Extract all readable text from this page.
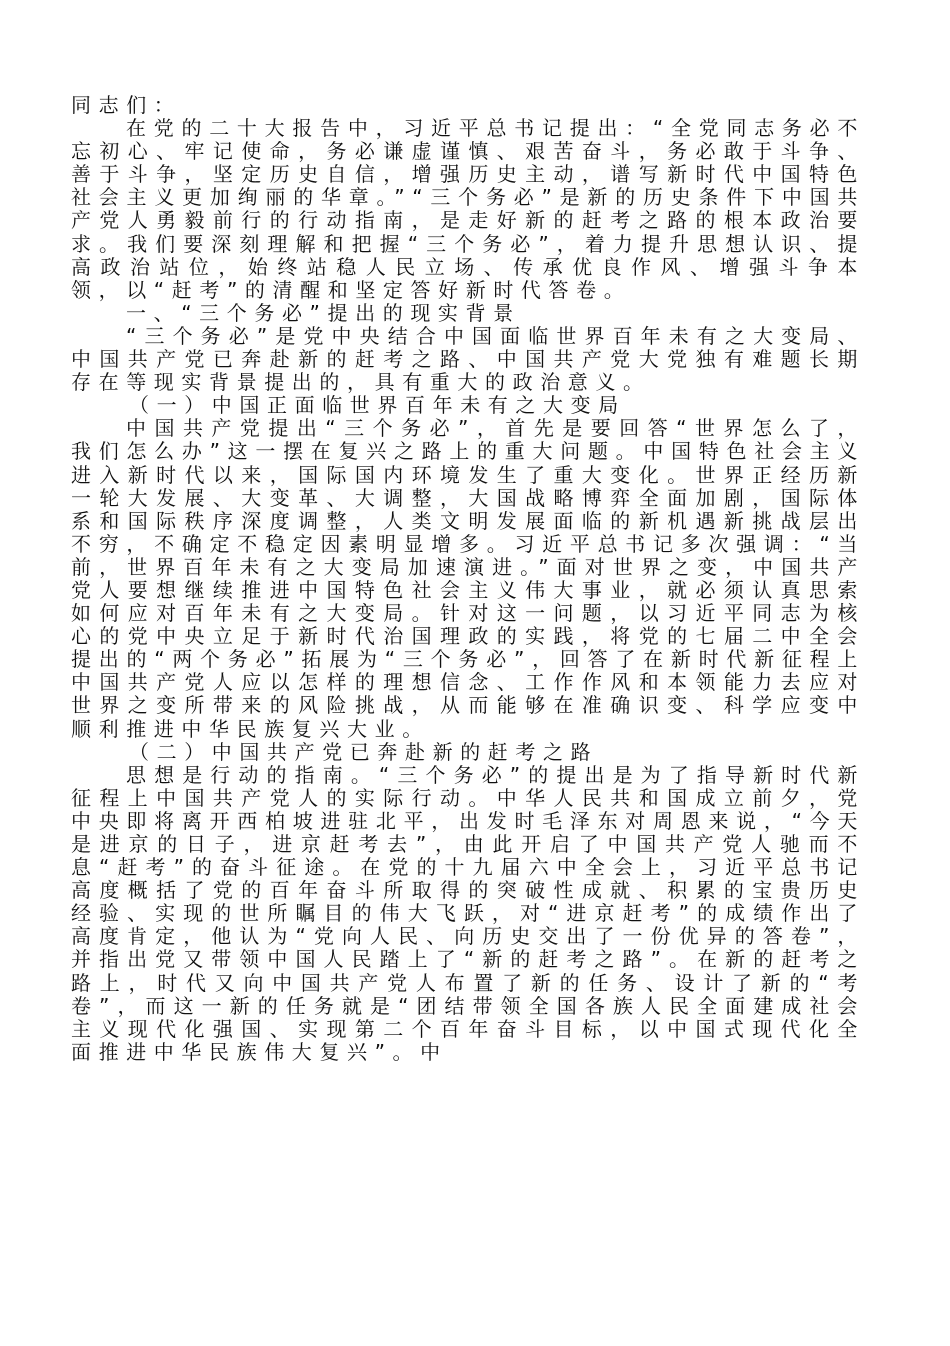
同志们：

在党的二十大报告中，习近平总书记提出：“全党同志务必不忘初心、牢记使命，务必谦虚谨慎、艰苦奋斗，务必敢于斗争、善于斗争，坚定历史自信，增强历史主动，谱写新时代中国特色社会主义更加绚丽的华章。”“三个务必”是新的历史条件下中国共产党人勇毅前行的行动指南，是走好新的赶考之路的根本政治要求。我们要深刻理解和把握“三个务必”，着力提升思想认识、提高政治站位，始终站稳人民立场、传承优良作风、增强斗争本领，以“赶考”的清醒和坚定答好新时代答卷。

一、“三个务必”提出的现实背景

“三个务必”是党中央结合中国面临世界百年未有之大变局、中国共产党已奔赴新的赶考之路、中国共产党大党独有难题长期存在等现实背景提出的，具有重大的政治意义。

（一）中国正面临世界百年未有之大变局

中国共产党提出“三个务必”，首先是要回答“世界怎么了，我们怎么办”这一摆在复兴之路上的重大问题。中国特色社会主义进入新时代以来，国际国内环境发生了重大变化。世界正经历新一轮大发展、大变革、大调整，大国战略博弈全面加剧，国际体系和国际秩序深度调整，人类文明发展面临的新机遇新挑战层出不穷，不确定不稳定因素明显增多。习近平总书记多次强调：“当前，世界百年未有之大变局加速演进。”面对世界之变，中国共产党人要想继续推进中国特色社会主义伟大事业，就必须认真思索如何应对百年未有之大变局。针对这一问题，以习近平同志为核心的党中央立足于新时代治国理政的实践，将党的七届二中全会提出的“两个务必”拓展为“三个务必”，回答了在新时代新征程上中国共产党人应以怎样的理想信念、工作作风和本领能力去应对世界之变所带来的风险挑战，从而能够在准确识变、科学应变中顺利推进中华民族复兴大业。

（二）中国共产党已奔赴新的赶考之路

思想是行动的指南。“三个务必”的提出是为了指导新时代新征程上中国共产党人的实际行动。中华人民共和国成立前夕，党中央即将离开西柏坡进驻北平，出发时毛泽东对周恩来说，“今天是进京的日子，进京赶考去”，由此开启了中国共产党人驰而不息“赶考”的奋斗征途。在党的十九届六中全会上，习近平总书记高度概括了党的百年奋斗所取得的突破性成就、积累的宝贵历史经验、实现的世所瞩目的伟大飞跃，对“进京赶考”的成绩作出了高度肯定，他认为“党向人民、向历史交出了一份优异的答卷”，并指出党又带领中国人民踏上了“新的赶考之路”。在新的赶考之路上，时代又向中国共产党人布置了新的任务、设计了新的“考卷”，而这一新的任务就是“团结带领全国各族人民全面建成社会主义现代化强国、实现第二个百年奋斗目标，以中国式现代化全面推进中华民族伟大复兴”。中
